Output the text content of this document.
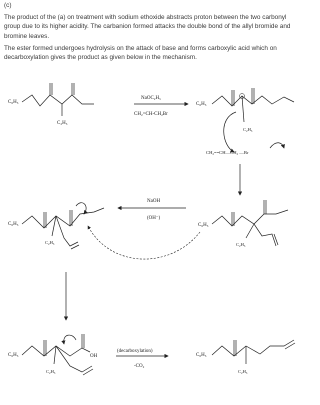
(c)

The product of the (a) on treatment with sodium ethoxide abstracts proton between the two carbonyl group due to its higher acidity. The carbanion formed attacks the double bond of the allyl bromide and bromine leaves.

The ester formed undergoes hydrolysis on the attack of base and forms carboxylic acid which on decarboxylation gives the product as given below in the mechanism.

C₆H₅
C₂H₅
NaOC₂H₅
CH₂=CH-CH₂Br
C₆H₅
C₂H₅
CH₂==CH—CH₂ —Br
C₆H₅
C₂H₅
NaOH
(OH⁻)
C₆H₅
C₂H₅
C₆H₅	OH
C₂H₅
(decarboxylation)
-CO₂
C₆H₅
C₂H₅
